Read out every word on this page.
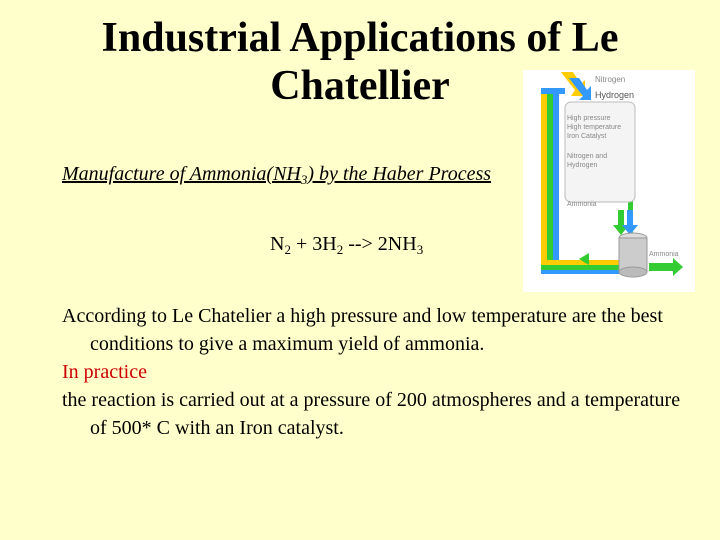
Industrial Applications of Le Chatellier	Nitrogen
Hydrogen
High pressure
High temperature
Iron Catalyst
Nitrogen and
Hydrogen
Ammonia
Ammonia

Manufacture of $Ammonia(NH_3)$ by the Haber Process

$N_2 + 3H_2$ --> $2NH_3$

According to Le Chatelier a high pressure and low temperature are the best conditions to give a maximum yield of ammonia.

In practice

the reaction is carried out at a pressure of 200 atmospheres and a temperature of 500* C with an Iron catalyst.
